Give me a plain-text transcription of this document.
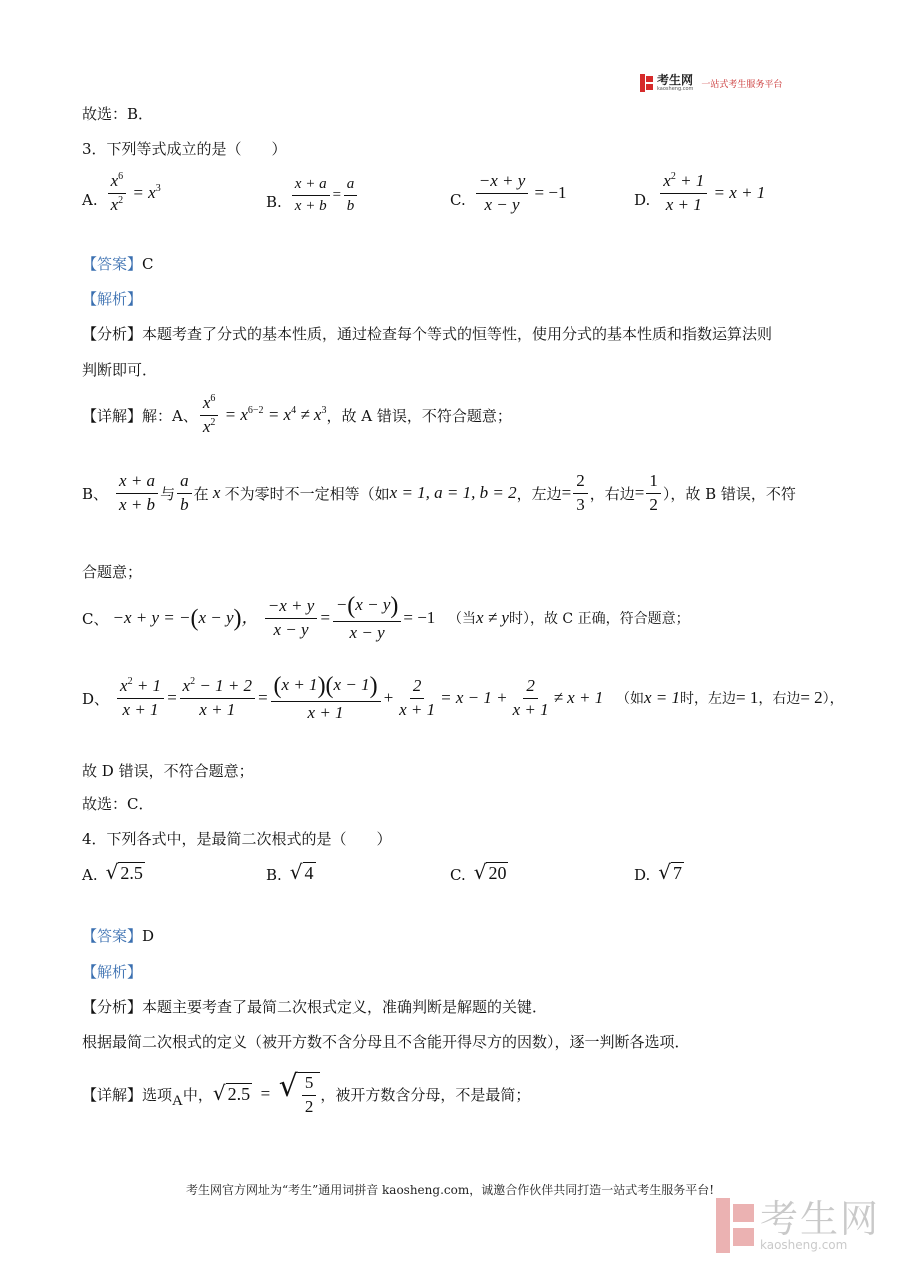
考生网
kaosheng.com 一站式考生服务平台
故选：B．
3．下列等式成立的是（　　）
A. $\frac{x^6}{x^2} = x^3$
B. $\frac{x + a}{x + b} = \frac{a}{b}$	C. $\frac{-x + y}{x - y} = -1$	D. $\frac{x^2 + 1}{x + 1} = x + 1$
【答案】C
【解析】
【分析】本题考查了分式的基本性质，通过检查每个等式的恒等性，使用分式的基本性质和指数运算法则
判断即可．
【详解】解：A、 $\frac{x^6}{x^2} = x^{6-2} = x^4 \ne x^3$ ，故 A 错误，不符合题意；
B、 $\frac{x + a}{x + b}$ 与 $\frac{a}{b}$ 在 x 不为零时不一定相等（如 x = 1, a = 1, b = 2 ，左边 = $\frac{2}{3}$ ，右边 = $\frac{1}{2}$ ），故 B 错误，不符
合题意；
C、 −x + y = −(x − y)， $\frac{-x + y}{x - y} = \frac{-(x - y)}{x - y} = -1$ （当 x ≠ y 时），故 C 正确，符合题意；
D、 $\frac{x^2 + 1}{x + 1} = \frac{x^2 - 1 + 2}{x + 1} = \frac{(x + 1)(x - 1)}{x + 1} + \frac{2}{x + 1} = x - 1 + \frac{2}{x + 1} \ne x + 1$ （如 x = 1 时，左边 = 1 ，右边 = 2 ），
故 D 错误，不符合题意；
故选：C．
4．下列各式中，是最简二次根式的是（　　）
A. √ 2.5	B. √ 4	C. √ 20	D. √ 7
【答案】D
【解析】
【分析】本题主要考查了最简二次根式定义，准确判断是解题的关键．
根据最简二次根式的定义（被开方数不含分母且不含能开得尽方的因数），逐一判断各选项．
【详解】选项 A 中， √ 2.5 = √ $\frac{5}{2}$ ，被开方数含分母，不是最简；
考生网官方网址为“考生”通用词拼音 kaosheng.com，诚邀合作伙伴共同打造一站式考生服务平台!
考生网
kaosheng.com
